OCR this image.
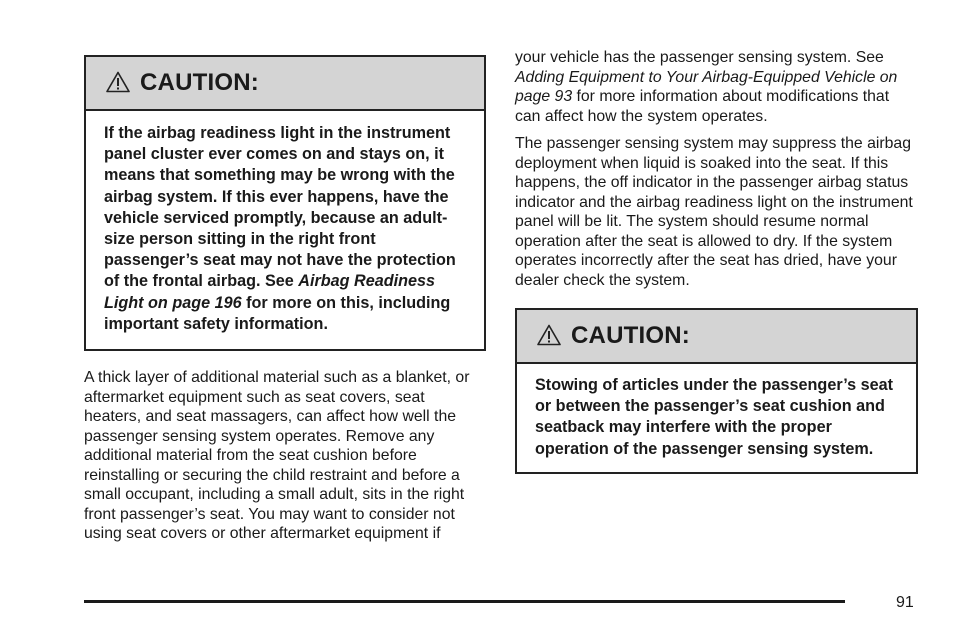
CAUTION:
If the airbag readiness light in the instrument panel cluster ever comes on and stays on, it means that something may be wrong with the airbag system. If this ever happens, have the vehicle serviced promptly, because an adult-size person sitting in the right front passenger’s seat may not have the protection of the frontal airbag. See Airbag Readiness Light on page 196 for more on this, including important safety information.

A thick layer of additional material such as a blanket, or aftermarket equipment such as seat covers, seat heaters, and seat massagers, can affect how well the passenger sensing system operates. Remove any additional material from the seat cushion before reinstalling or securing the child restraint and before a small occupant, including a small adult, sits in the right front passenger’s seat. You may want to consider not using seat covers or other aftermarket equipment if

your vehicle has the passenger sensing system. See Adding Equipment to Your Airbag-Equipped Vehicle on page 93 for more information about modifications that can affect how the system operates.

The passenger sensing system may suppress the airbag deployment when liquid is soaked into the seat. If this happens, the off indicator in the passenger airbag status indicator and the airbag readiness light on the instrument panel will be lit. The system should resume normal operation after the seat is allowed to dry. If the system operates incorrectly after the seat has dried, have your dealer check the system.

CAUTION:
Stowing of articles under the passenger’s seat or between the passenger’s seat cushion and seatback may interfere with the proper operation of the passenger sensing system.
91
